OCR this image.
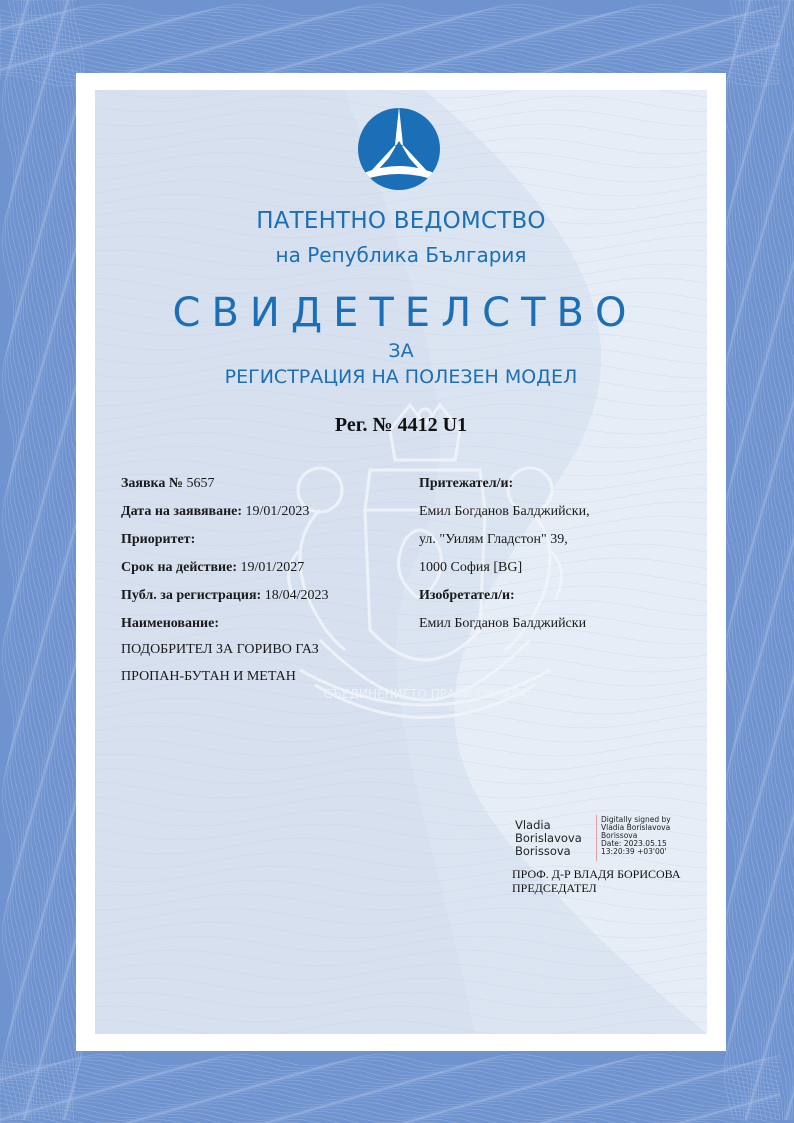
СЪЕДИНЕНИЕТО ПРАВИ СИЛАТА
ПАТЕНТНО ВЕДОМСТВО
на Република България
СВИДЕТЕЛСТВО
ЗА
РЕГИСТРАЦИЯ НА ПОЛЕЗЕН МОДЕЛ
Рег. № 4412 U1
Заявка № 5657
Дата на заявяване: 19/01/2023
Приоритет:
Срок на действие: 19/01/2027
Публ. за регистрация: 18/04/2023
Наименование:
ПОДОБРИТЕЛ ЗА ГОРИВО ГАЗ
ПРОПАН-БУТАН И МЕТАН
Притежател/и:
Емил Богданов Балджийски,
ул. "Уилям Гладстон" 39,
1000 София [BG]
Изобретател/и:
Емил Богданов Балджийски
Vladia
Borislavova
Borissova
Digitally signed by
Vladia Borislavova
Borissova
Date: 2023.05.15
13:20:39 +03'00'
ПРОФ. Д-Р ВЛАДЯ БОРИСОВА
ПРЕДСЕДАТЕЛ
